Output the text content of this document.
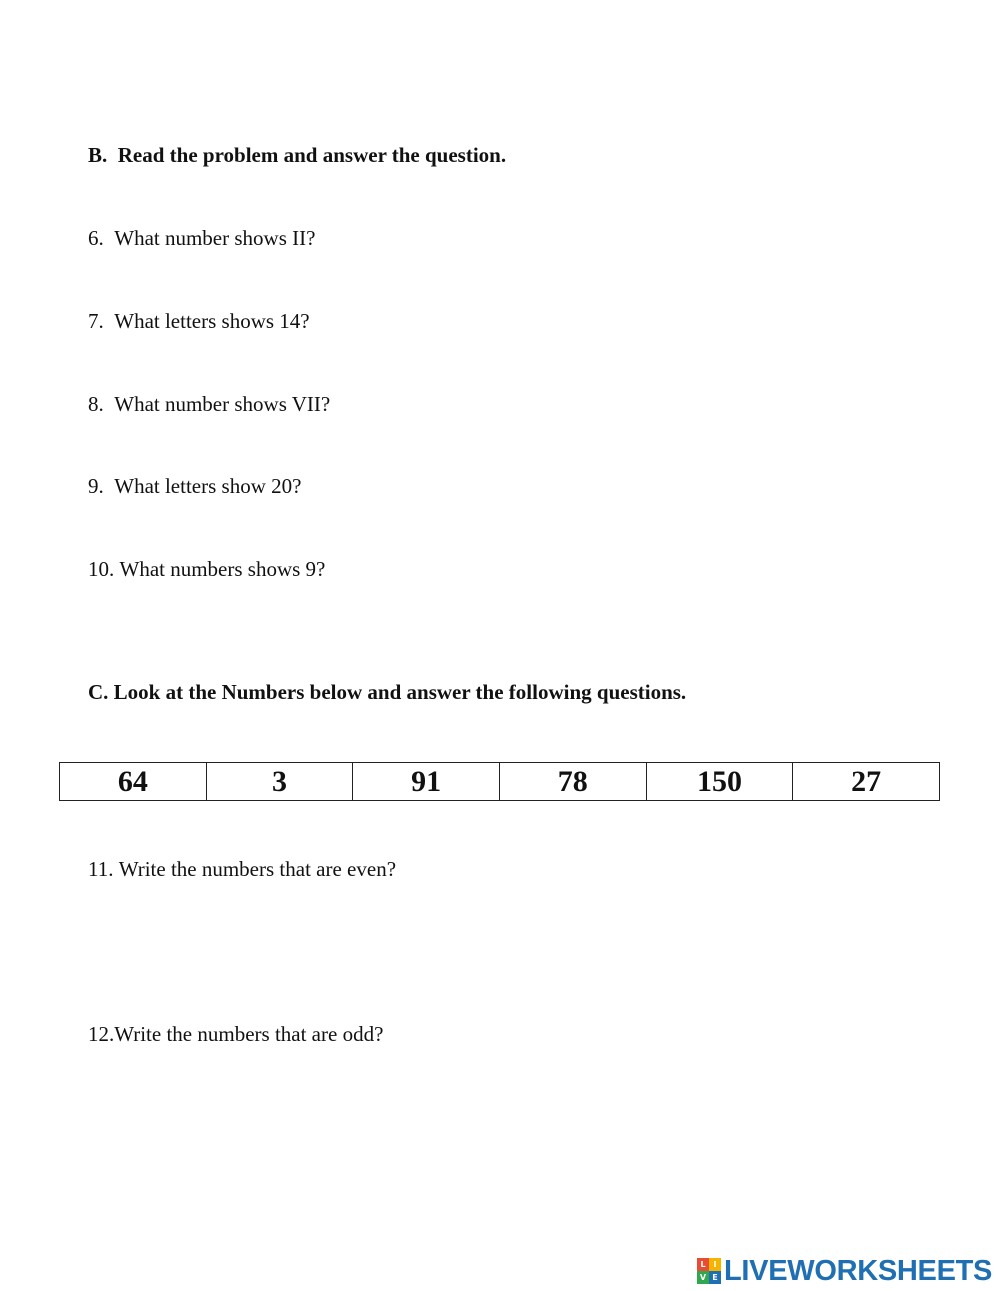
B. Read the problem and answer the question.
6. What number shows II?
7. What letters shows 14?
8. What number shows VII?
9. What letters show 20?
10. What numbers shows 9?
C. Look at the Numbers below and answer the following questions.
64	3	91	78	150	27
11. Write the numbers that are even?
12.Write the numbers that are odd?
L I
V E LIVEWORKSHEETS
